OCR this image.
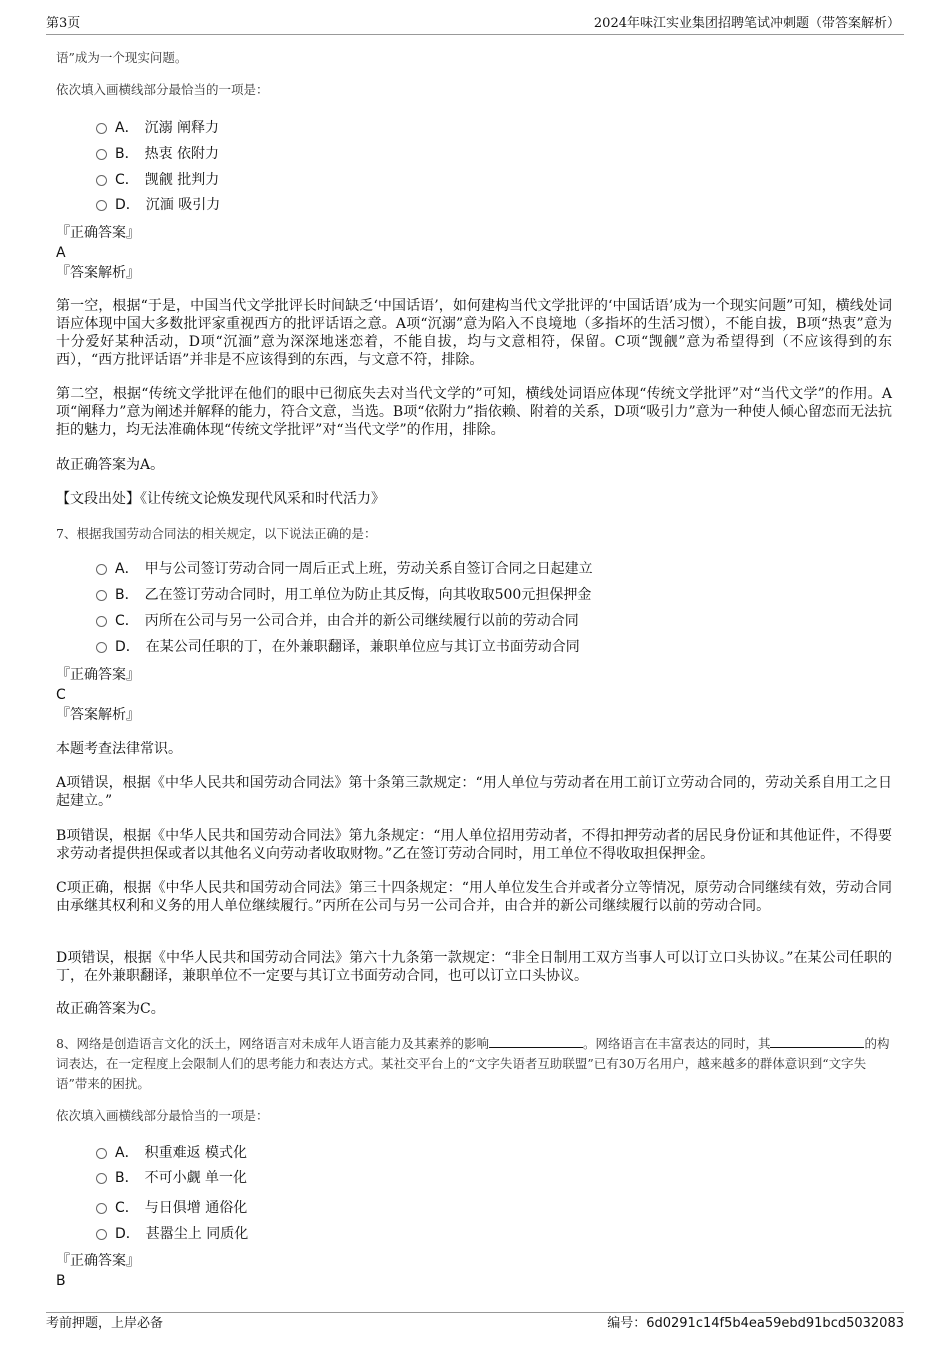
第3页	2024年味江实业集团招聘笔试冲刺题（带答案解析）
语”成为一个现实问题。
依次填入画横线部分最恰当的一项是：
A． 沉溺 阐释力
B． 热衷 依附力
C． 觊觎 批判力
D． 沉湎 吸引力
『正确答案』
A
『答案解析』
第一空，根据“于是，中国当代文学批评长时间缺乏‘中国话语’，如何建构当代文学批评的‘中国话语’成为一个现实问题”可知，横线处词语应体现中国大多数批评家重视西方的批评话语之意。A项“沉溺”意为陷入不良境地（多指坏的生活习惯），不能自拔，B项“热衷”意为十分爱好某种活动，D项“沉湎”意为深深地迷恋着，不能自拔，均与文意相符，保留。C项“觊觎”意为希望得到（不应该得到的东西），“西方批评话语”并非是不应该得到的东西，与文意不符，排除。
第二空，根据“传统文学批评在他们的眼中已彻底失去对当代文学的”可知，横线处词语应体现“传统文学批评”对“当代文学”的作用。A项“阐释力”意为阐述并解释的能力，符合文意，当选。B项“依附力”指依赖、附着的关系，D项“吸引力”意为一种使人倾心留恋而无法抗拒的魅力，均无法准确体现“传统文学批评”对“当代文学”的作用，排除。
故正确答案为A。
【文段出处】《让传统文论焕发现代风采和时代活力》
7、根据我国劳动合同法的相关规定，以下说法正确的是：
A． 甲与公司签订劳动合同一周后正式上班，劳动关系自签订合同之日起建立
B． 乙在签订劳动合同时，用工单位为防止其反悔，向其收取500元担保押金
C． 丙所在公司与另一公司合并，由合并的新公司继续履行以前的劳动合同
D． 在某公司任职的丁，在外兼职翻译，兼职单位应与其订立书面劳动合同
『正确答案』
C
『答案解析』
本题考查法律常识。
A项错误，根据《中华人民共和国劳动合同法》第十条第三款规定：“用人单位与劳动者在用工前订立劳动合同的，劳动关系自用工之日起建立。”
B项错误，根据《中华人民共和国劳动合同法》第九条规定：“用人单位招用劳动者，不得扣押劳动者的居民身份证和其他证件，不得要求劳动者提供担保或者以其他名义向劳动者收取财物。”乙在签订劳动合同时，用工单位不得收取担保押金。
C项正确，根据《中华人民共和国劳动合同法》第三十四条规定：“用人单位发生合并或者分立等情况，原劳动合同继续有效，劳动合同由承继其权利和义务的用人单位继续履行。”丙所在公司与另一公司合并，由合并的新公司继续履行以前的劳动合同。
D项错误，根据《中华人民共和国劳动合同法》第六十九条第一款规定：“非全日制用工双方当事人可以订立口头协议。”在某公司任职的丁，在外兼职翻译，兼职单位不一定要与其订立书面劳动合同，也可以订立口头协议。
故正确答案为C。
8、网络是创造语言文化的沃土，网络语言对未成年人语言能力及其素养的影响	。网络语言在丰富表达的同时，其	的构词表达，在一定程度上会限制人们的思考能力和表达方式。某社交平台上的“文字失语者互助联盟”已有30万名用户，越来越多的群体意识到“文字失语”带来的困扰。
依次填入画横线部分最恰当的一项是：
A． 积重难返 模式化
B． 不可小觑 单一化
C． 与日俱增 通俗化
D． 甚嚣尘上 同质化
『正确答案』
B
考前押题，上岸必备	编号：6d0291c14f5b4ea59ebd91bcd5032083
